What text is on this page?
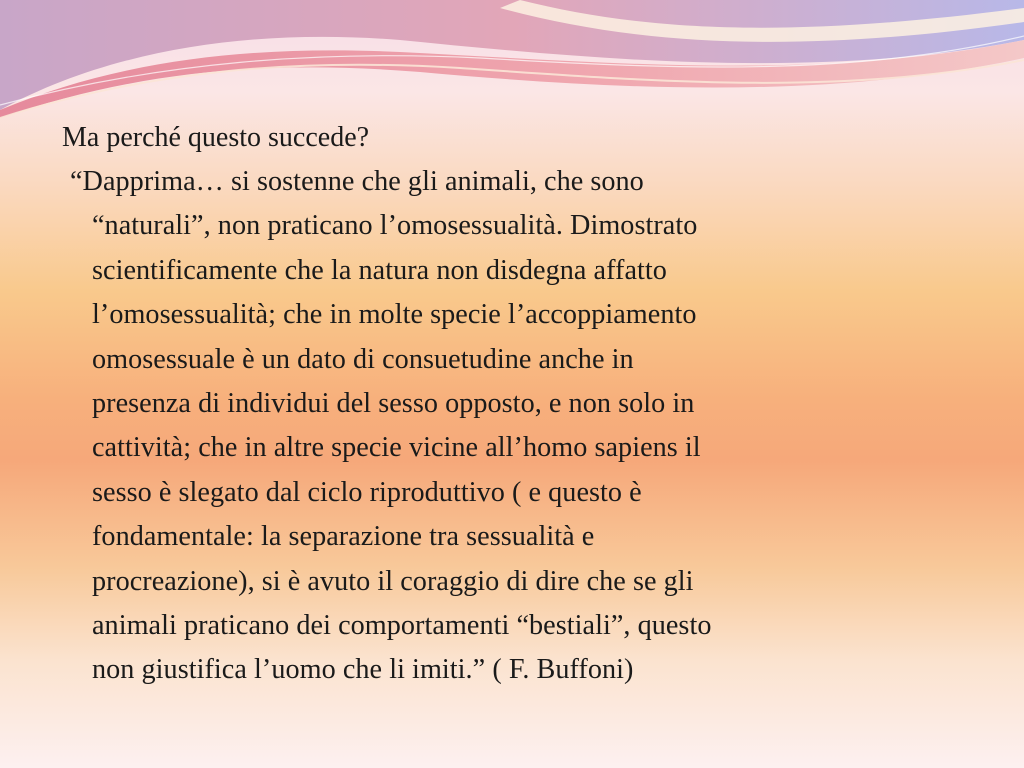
Ma perché questo succede?

“Dapprima… si sostenne che gli animali, che sono
“naturali”, non praticano l’omosessualità. Dimostrato
scientificamente che la natura non disdegna affatto
l’omosessualità; che in molte specie l’accoppiamento
omosessuale è un dato di consuetudine anche in
presenza di individui del sesso opposto, e non solo in
cattività; che in altre specie vicine all’homo sapiens il
sesso è slegato dal ciclo riproduttivo ( e questo è
fondamentale: la separazione tra sessualità e
procreazione), si è avuto il coraggio di dire che se gli
animali praticano dei comportamenti “bestiali”, questo
non giustifica l’uomo che li imiti.” ( F. Buffoni)
